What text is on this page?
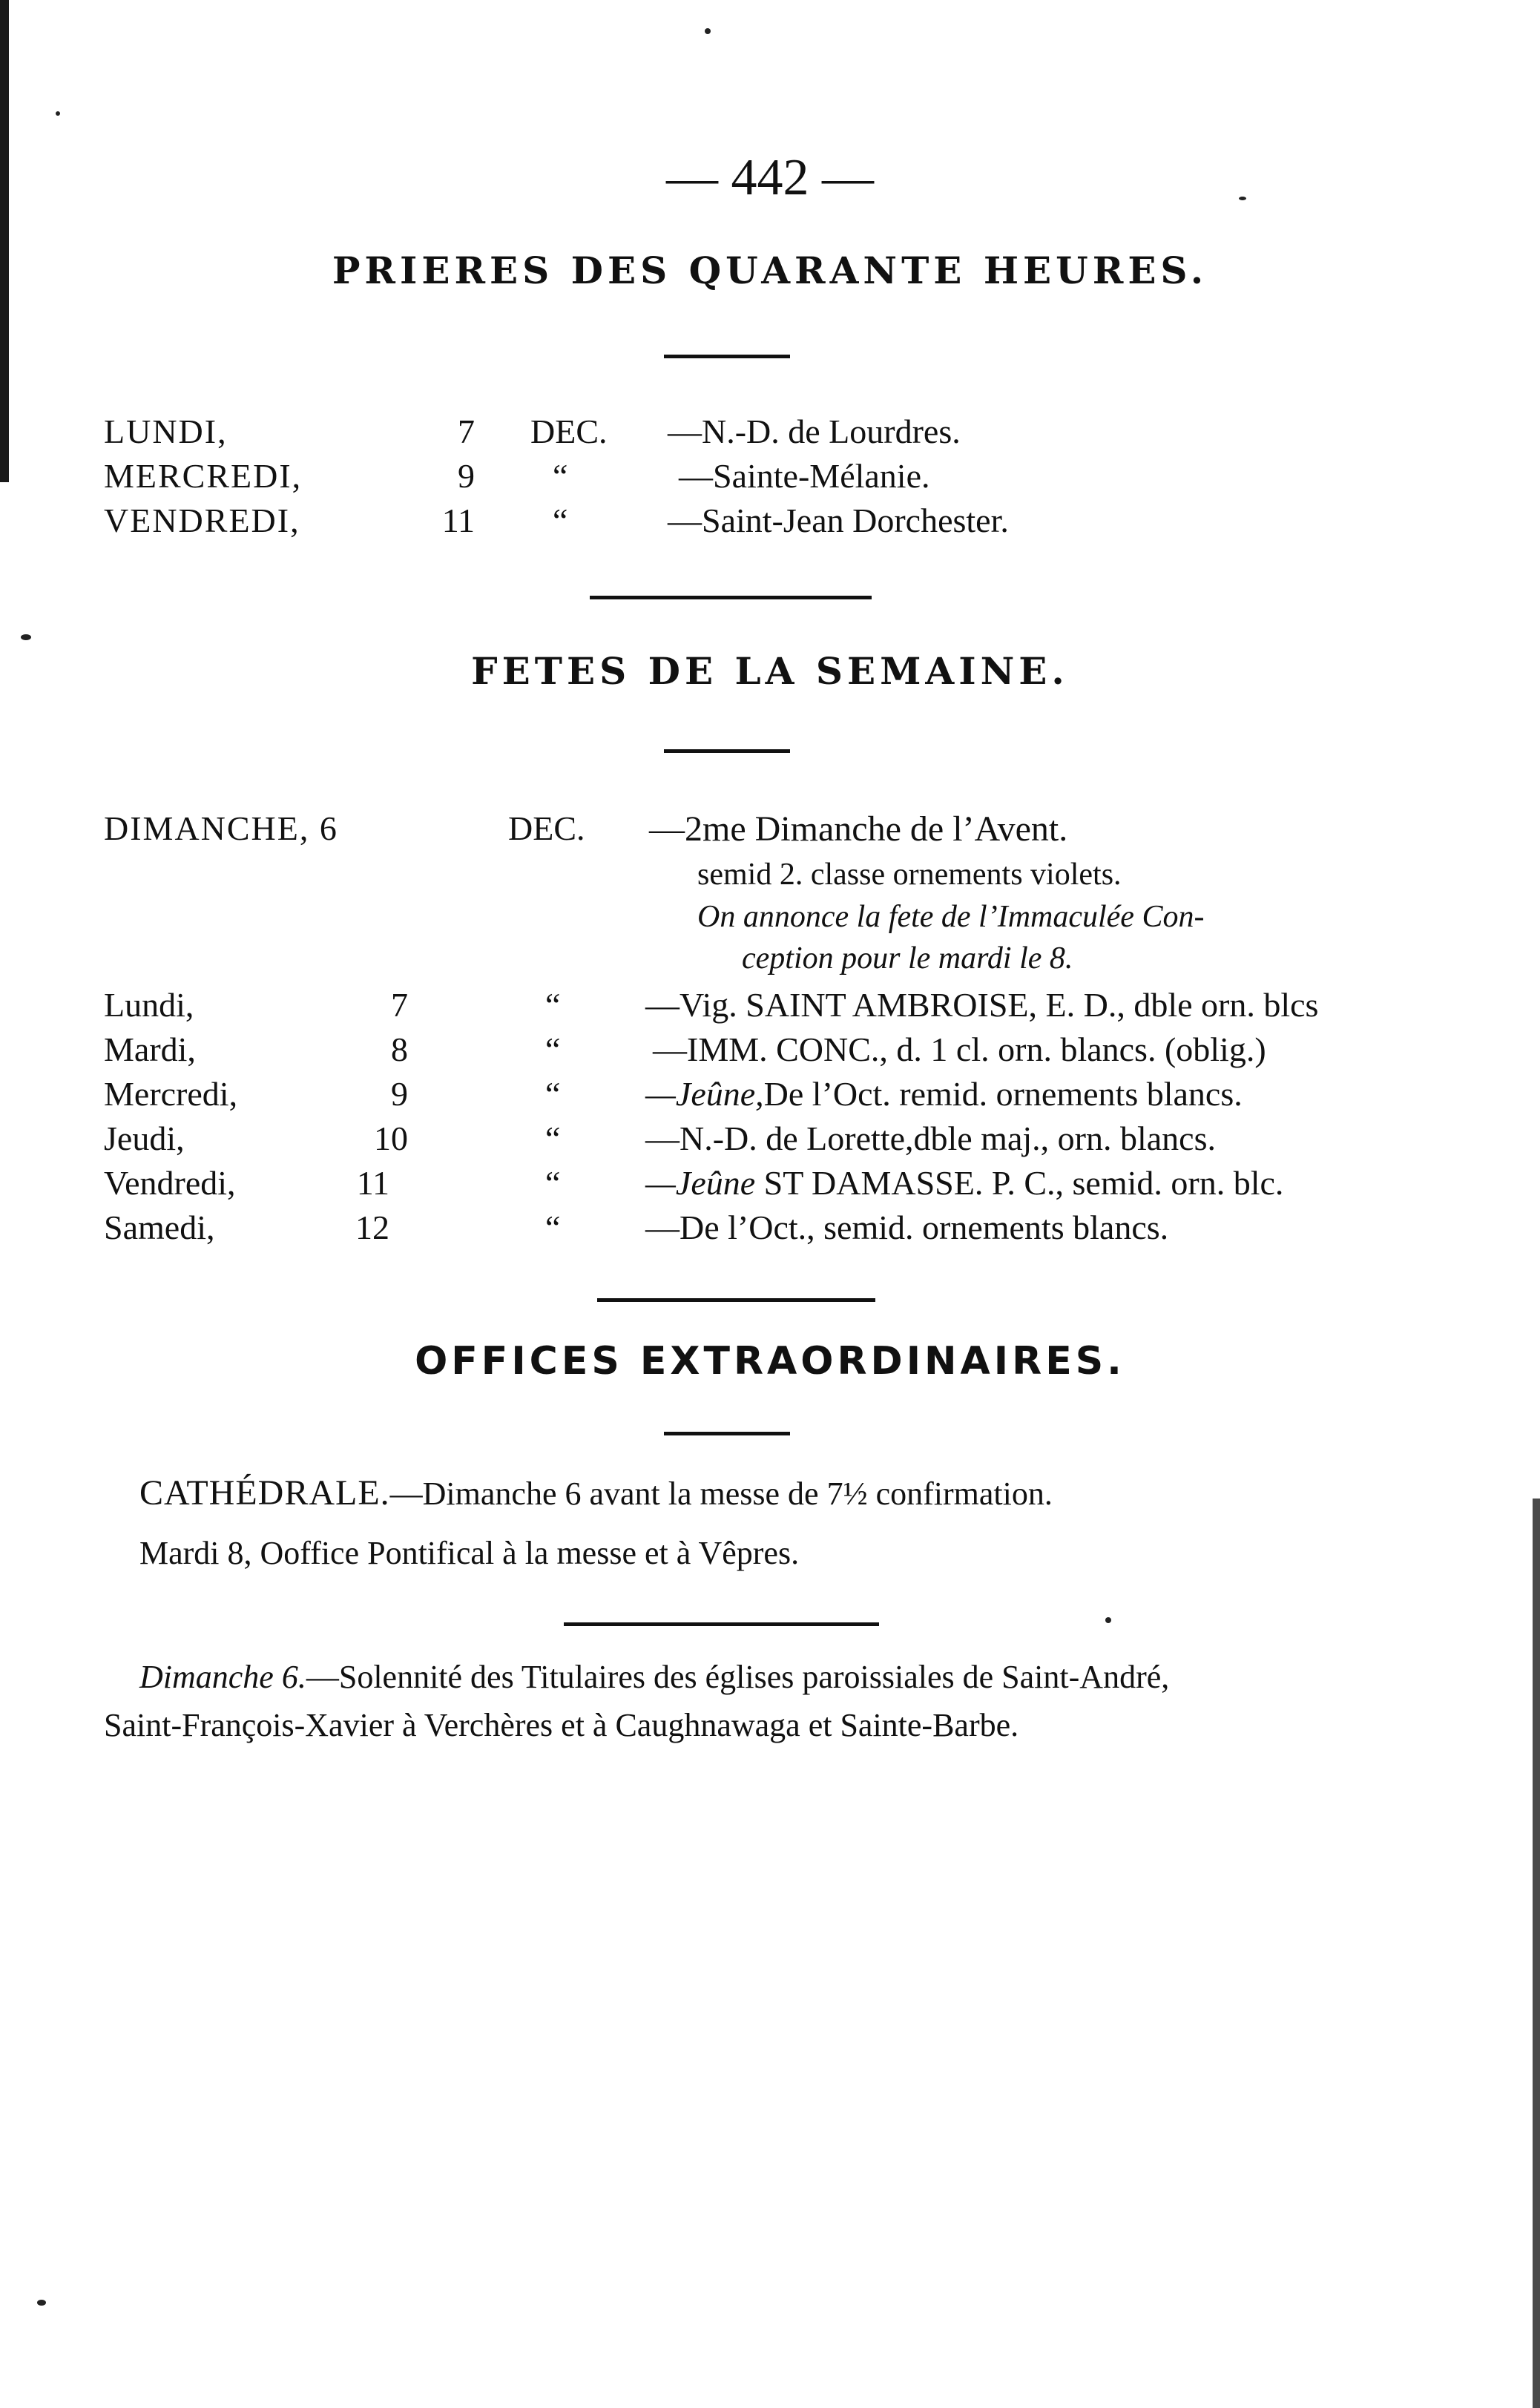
— 442 —
PRIERES DES QUARANTE HEURES.
LUNDI,	7 DEC. —N.-D. de Lourdres.
MERCREDI,	9 “	—Sainte-Mélanie.
VENDREDI,	11 “	—Saint-Jean Dorchester.
FETES DE LA SEMAINE.
DIMANCHE, 6	DEC. —2me Dimanche de l’Avent.
semid 2. classe ornements violets.
On annonce la fete de l’Immaculée Con-
ception pour le mardi le 8.
Lundi,	7	“ —Vig. SAINT AMBROISE, E. D., dble orn. blcs
Mardi,	8	“	—IMM. CONC., d. 1 cl. orn. blancs. (oblig.)
Mercredi,	9	“ —Jeûne,De l’Oct. remid. ornements blancs.
Jeudi,	10	“ —N.-D. de Lorette,dble maj., orn. blancs.
Vendredi,	11	“ —Jeûne ST DAMASSE. P. C., semid. orn. blc.
Samedi,	12	“ —De l’Oct., semid. ornements blancs.
OFFICES EXTRAORDINAIRES.
CATHÉDRALE.—Dimanche 6 avant la messe de 7½ confirmation.
Mardi 8, Ooffice Pontifical à la messe et à Vêpres.
Dimanche 6.—Solennité des Titulaires des églises paroissiales de Saint-André,
Saint-François-Xavier à Verchères et à Caughnawaga et Sainte-Barbe.
